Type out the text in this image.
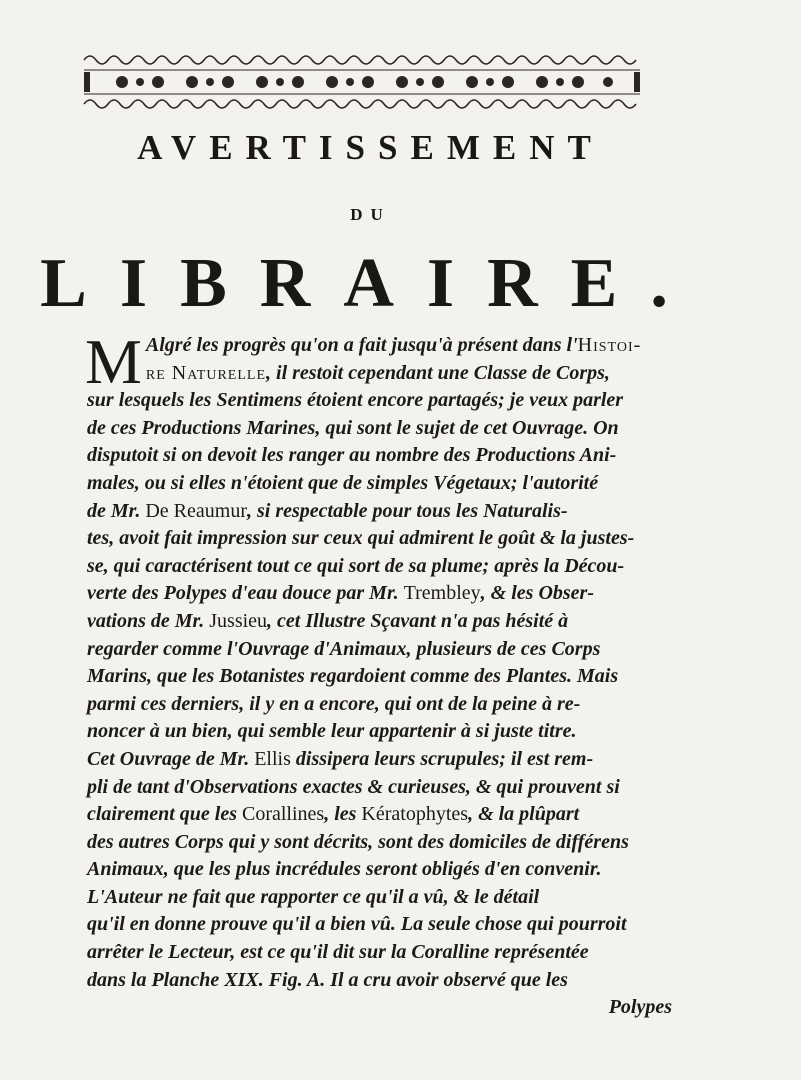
AVERTISSEMENT
DU
LIBRAIRE.
M Algré les progrès qu'on a fait jusqu'à présent dans l'Histoi-
re Naturelle, il restoit cependant une Classe de Corps,
sur lesquels les Sentimens étoient encore partagés; je veux parler
de ces Productions Marines, qui sont le sujet de cet Ouvrage. On
disputoit si on devoit les ranger au nombre des Productions Ani-
males, ou si elles n'étoient que de simples Végetaux; l'autorité
de Mr. De Reaumur, si respectable pour tous les Naturalis-
tes, avoit fait impression sur ceux qui admirent le goût & la justes-
se, qui caractérisent tout ce qui sort de sa plume; après la Décou-
verte des Polypes d'eau douce par Mr. Trembley, & les Obser-
vations de Mr. Jussieu, cet Illustre Sçavant n'a pas hésité à
regarder comme l'Ouvrage d'Animaux, plusieurs de ces Corps
Marins, que les Botanistes regardoient comme des Plantes. Mais
parmi ces derniers, il y en a encore, qui ont de la peine à re-
noncer à un bien, qui semble leur appartenir à si juste titre.
Cet Ouvrage de Mr. Ellis dissipera leurs scrupules; il est rem-
pli de tant d'Observations exactes & curieuses, & qui prouvent si
clairement que les Corallines, les Kératophytes, & la plûpart
des autres Corps qui y sont décrits, sont des domiciles de différens
Animaux, que les plus incrédules seront obligés d'en convenir.
L'Auteur ne fait que rapporter ce qu'il a vû, & le détail
qu'il en donne prouve qu'il a bien vû. La seule chose qui pourroit
arrêter le Lecteur, est ce qu'il dit sur la Coralline représentée
dans la Planche XIX. Fig. A. Il a cru avoir observé que les
Polypes
